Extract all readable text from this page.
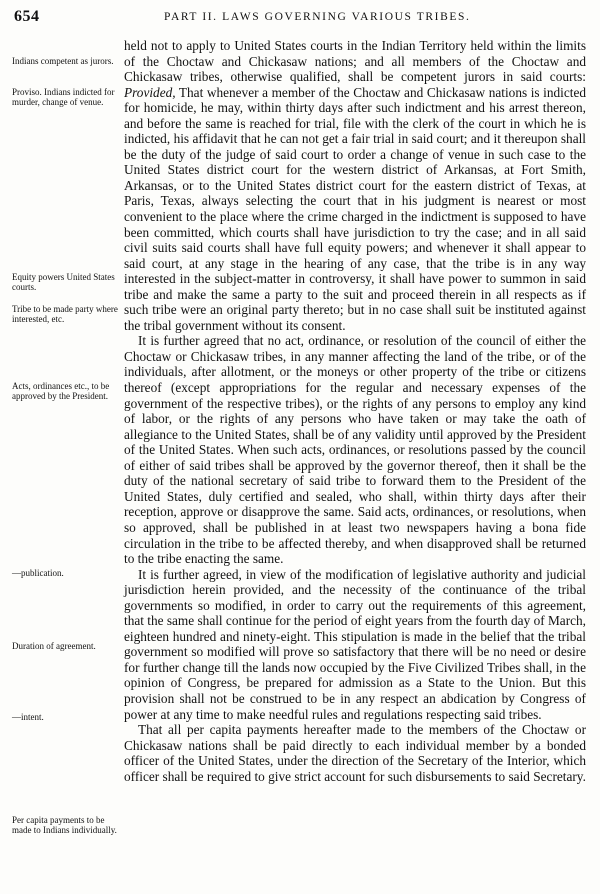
654	PART II. LAWS GOVERNING VARIOUS TRIBES.
Indians competent as jurors.
Proviso. Indians indicted for murder, change of venue.
Equity powers United States courts.
Tribe to be made party where interested, etc.
Acts, ordinances etc., to be approved by the President.
—publication.
Duration of agreement.
—intent.
Per capita payments to be made to Indians individually.

held not to apply to United States courts in the Indian Territory held within the limits of the Choctaw and Chickasaw nations; and all members of the Choctaw and Chickasaw tribes, otherwise qualified, shall be competent jurors in said courts: Provided, That whenever a member of the Choctaw and Chickasaw nations is indicted for homicide, he may, within thirty days after such indictment and his arrest thereon, and before the same is reached for trial, file with the clerk of the court in which he is indicted, his affidavit that he can not get a fair trial in said court; and it thereupon shall be the duty of the judge of said court to order a change of venue in such case to the United States district court for the western district of Arkansas, at Fort Smith, Arkansas, or to the United States district court for the eastern district of Texas, at Paris, Texas, always selecting the court that in his judgment is nearest or most convenient to the place where the crime charged in the indictment is supposed to have been committed, which courts shall have jurisdiction to try the case; and in all said civil suits said courts shall have full equity powers; and whenever it shall appear to said court, at any stage in the hearing of any case, that the tribe is in any way interested in the subject-matter in controversy, it shall have power to summon in said tribe and make the same a party to the suit and proceed therein in all respects as if such tribe were an original party thereto; but in no case shall suit be instituted against the tribal government without its consent.

It is further agreed that no act, ordinance, or resolution of the council of either the Choctaw or Chickasaw tribes, in any manner affecting the land of the tribe, or of the individuals, after allotment, or the moneys or other property of the tribe or citizens thereof (except appropriations for the regular and necessary expenses of the government of the respective tribes), or the rights of any persons to employ any kind of labor, or the rights of any persons who have taken or may take the oath of allegiance to the United States, shall be of any validity until approved by the President of the United States. When such acts, ordinances, or resolutions passed by the council of either of said tribes shall be approved by the governor thereof, then it shall be the duty of the national secretary of said tribe to forward them to the President of the United States, duly certified and sealed, who shall, within thirty days after their reception, approve or disapprove the same. Said acts, ordinances, or resolutions, when so approved, shall be published in at least two newspapers having a bona fide circulation in the tribe to be affected thereby, and when disapproved shall be returned to the tribe enacting the same.

It is further agreed, in view of the modification of legislative authority and judicial jurisdiction herein provided, and the necessity of the continuance of the tribal governments so modified, in order to carry out the requirements of this agreement, that the same shall continue for the period of eight years from the fourth day of March, eighteen hundred and ninety-eight. This stipulation is made in the belief that the tribal government so modified will prove so satisfactory that there will be no need or desire for further change till the lands now occupied by the Five Civilized Tribes shall, in the opinion of Congress, be prepared for admission as a State to the Union. But this provision shall not be construed to be in any respect an abdication by Congress of power at any time to make needful rules and regulations respecting said tribes.

That all per capita payments hereafter made to the members of the Choctaw or Chickasaw nations shall be paid directly to each individual member by a bonded officer of the United States, under the direction of the Secretary of the Interior, which officer shall be required to give strict account for such disbursements to said Secretary.
